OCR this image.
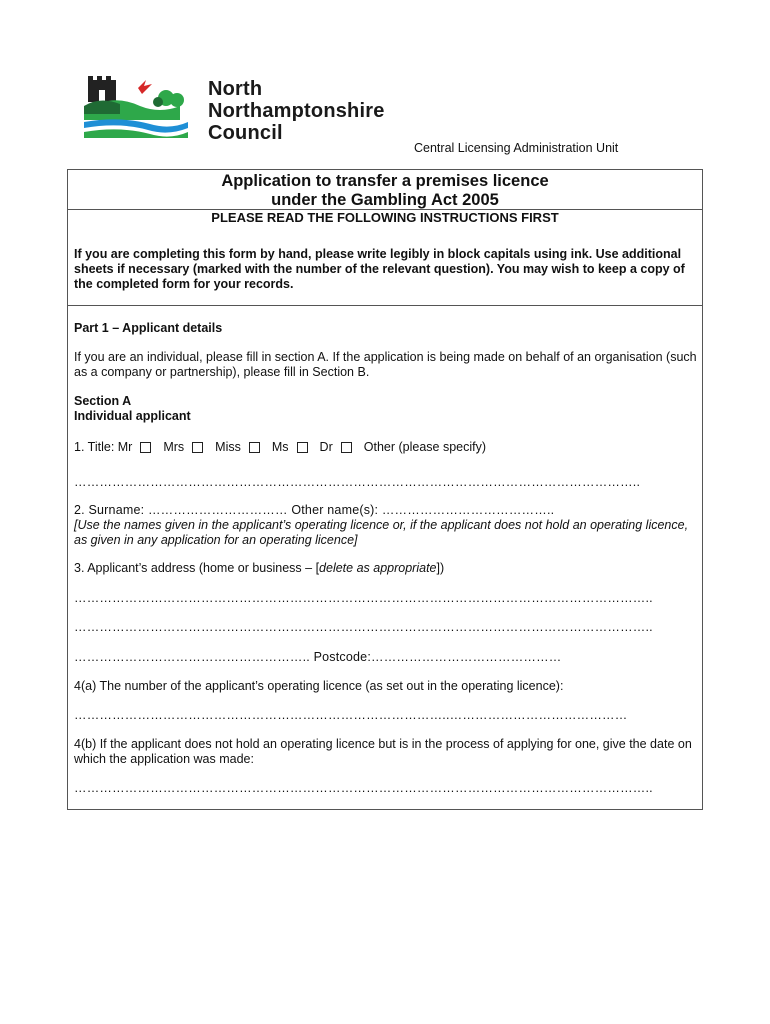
North
Northamptonshire
Council
Central Licensing Administration Unit
Application to transfer a premises licence
under the Gambling Act 2005
PLEASE READ THE FOLLOWING INSTRUCTIONS FIRST
If you are completing this form by hand, please write legibly in block capitals using ink. Use additional sheets if necessary (marked with the number of the relevant question). You may wish to keep a copy of the completed form for your records.
Part 1 – Applicant details
If you are an individual, please fill in section A. If the application is being made on behalf of an organisation (such as a company or partnership), please fill in Section B.
Section A
Individual applicant
1. Title: Mr Mrs Miss Ms Dr Other (please specify)
……………………………………………………………………………………………………………………..
2. Surname: …………………………… Other name(s): …………………………………..
[Use the names given in the applicant’s operating licence or, if the applicant does not hold an operating licence, as given in any application for an operating licence]
3. Applicant’s address (home or business – [delete as appropriate])
………………………………………………………………………………………………………………………..
………………………………………………………………………………………………………………………..
……………………………………………….. Postcode:………………………………………
4(a) The number of the applicant’s operating licence (as set out in the operating licence):
……………………………………………………………………………..……………………………………
4(b) If the applicant does not hold an operating licence but is in the process of applying for one, give the date on which the application was made:
………………………………………………………………………………………………………………………..
